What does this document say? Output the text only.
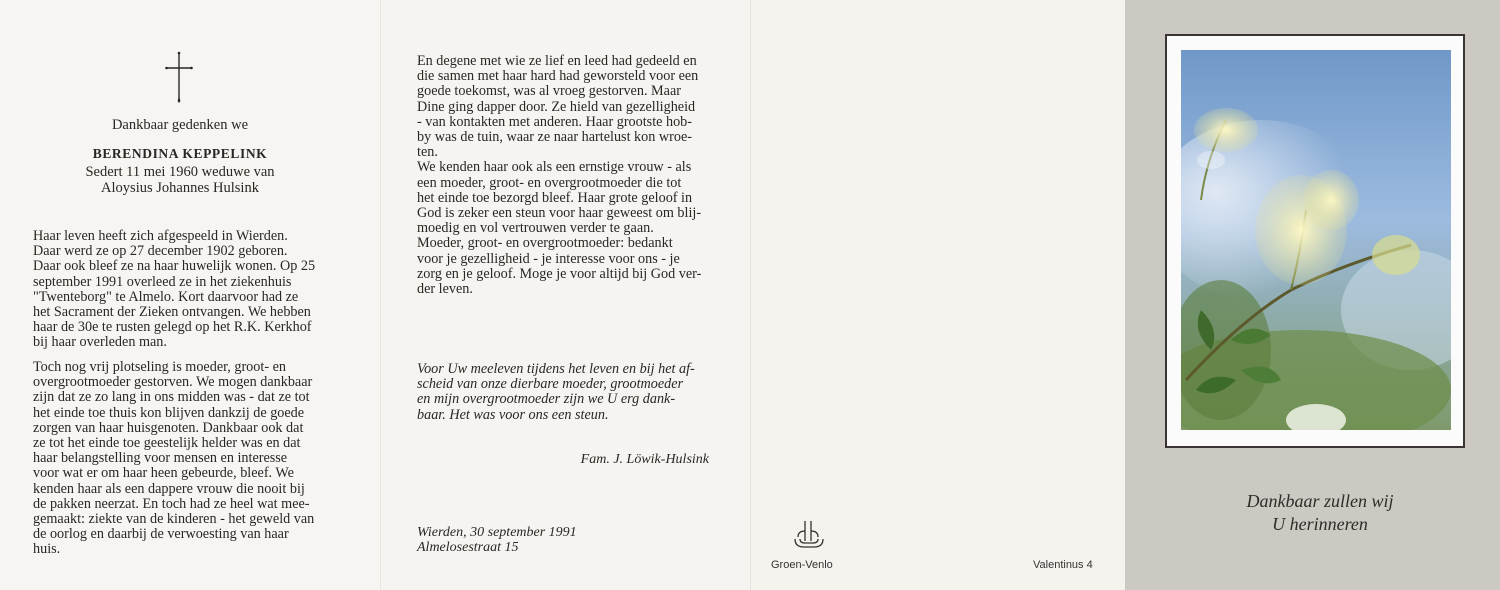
Dankbaar gedenken we
BERENDINA KEPPELINK
Sedert 11 mei 1960 weduwe van
Aloysius Johannes Hulsink

Haar leven heeft zich afgespeeld in Wierden.
Daar werd ze op 27 december 1902 geboren.
Daar ook bleef ze na haar huwelijk wonen. Op 25
september 1991 overleed ze in het ziekenhuis
"Twenteborg" te Almelo. Kort daarvoor had ze
het Sacrament der Zieken ontvangen. We hebben
haar de 30e te rusten gelegd op het R.K. Kerkhof
bij haar overleden man.

Toch nog vrij plotseling is moeder, groot- en
overgrootmoeder gestorven. We mogen dankbaar
zijn dat ze zo lang in ons midden was - dat ze tot
het einde toe thuis kon blijven dankzij de goede
zorgen van haar huisgenoten. Dankbaar ook dat
ze tot het einde toe geestelijk helder was en dat
haar belangstelling voor mensen en interesse
voor wat er om haar heen gebeurde, bleef. We
kenden haar als een dappere vrouw die nooit bij
de pakken neerzat. En toch had ze heel wat mee-
gemaakt: ziekte van de kinderen - het geweld van
de oorlog en daarbij de verwoesting van haar
huis.

En degene met wie ze lief en leed had gedeeld en
die samen met haar hard had geworsteld voor een
goede toekomst, was al vroeg gestorven. Maar
Dine ging dapper door. Ze hield van gezelligheid
- van kontakten met anderen. Haar grootste hob-
by was de tuin, waar ze naar hartelust kon wroe-
ten.
We kenden haar ook als een ernstige vrouw - als
een moeder, groot- en overgrootmoeder die tot
het einde toe bezorgd bleef. Haar grote geloof in
God is zeker een steun voor haar geweest om blij-
moedig en vol vertrouwen verder te gaan.
Moeder, groot- en overgrootmoeder: bedankt
voor je gezelligheid - je interesse voor ons - je
zorg en je geloof. Moge je voor altijd bij God ver-
der leven.

Voor Uw meeleven tijdens het leven en bij het af-
scheid van onze dierbare moeder, grootmoeder
en mijn overgrootmoeder zijn we U erg dank-
baar. Het was voor ons een steun.

Fam. J. Löwik-Hulsink
Wierden, 30 september 1991
Almelosestraat 15
Groen-Venlo	Valentinus 4
Dankbaar zullen wij
U herinneren
